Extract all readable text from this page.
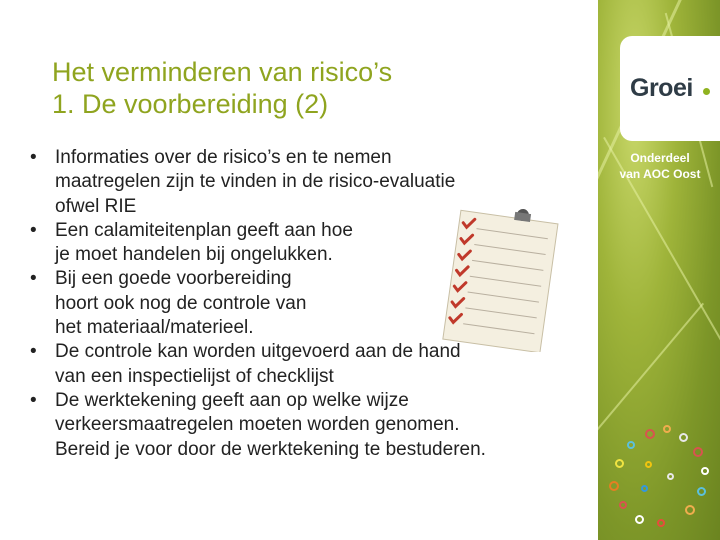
Groei
Onderdeel
van AOC Oost
Het verminderen van risico’s
1. De voorbereiding (2)
• Informaties over de risico’s en te nemen
maatregelen zijn te vinden in de risico-evaluatie
ofwel RIE
• Een calamiteitenplan geeft aan hoe
je moet handelen bij ongelukken.
• Bij een goede voorbereiding
hoort ook nog de controle van
het materiaal/materieel.
• De controle kan worden uitgevoerd aan de hand
van een inspectielijst of checklijst
• De werktekening geeft aan op welke wijze
verkeersmaatregelen moeten worden genomen.
Bereid je voor door de werktekening te bestuderen.
